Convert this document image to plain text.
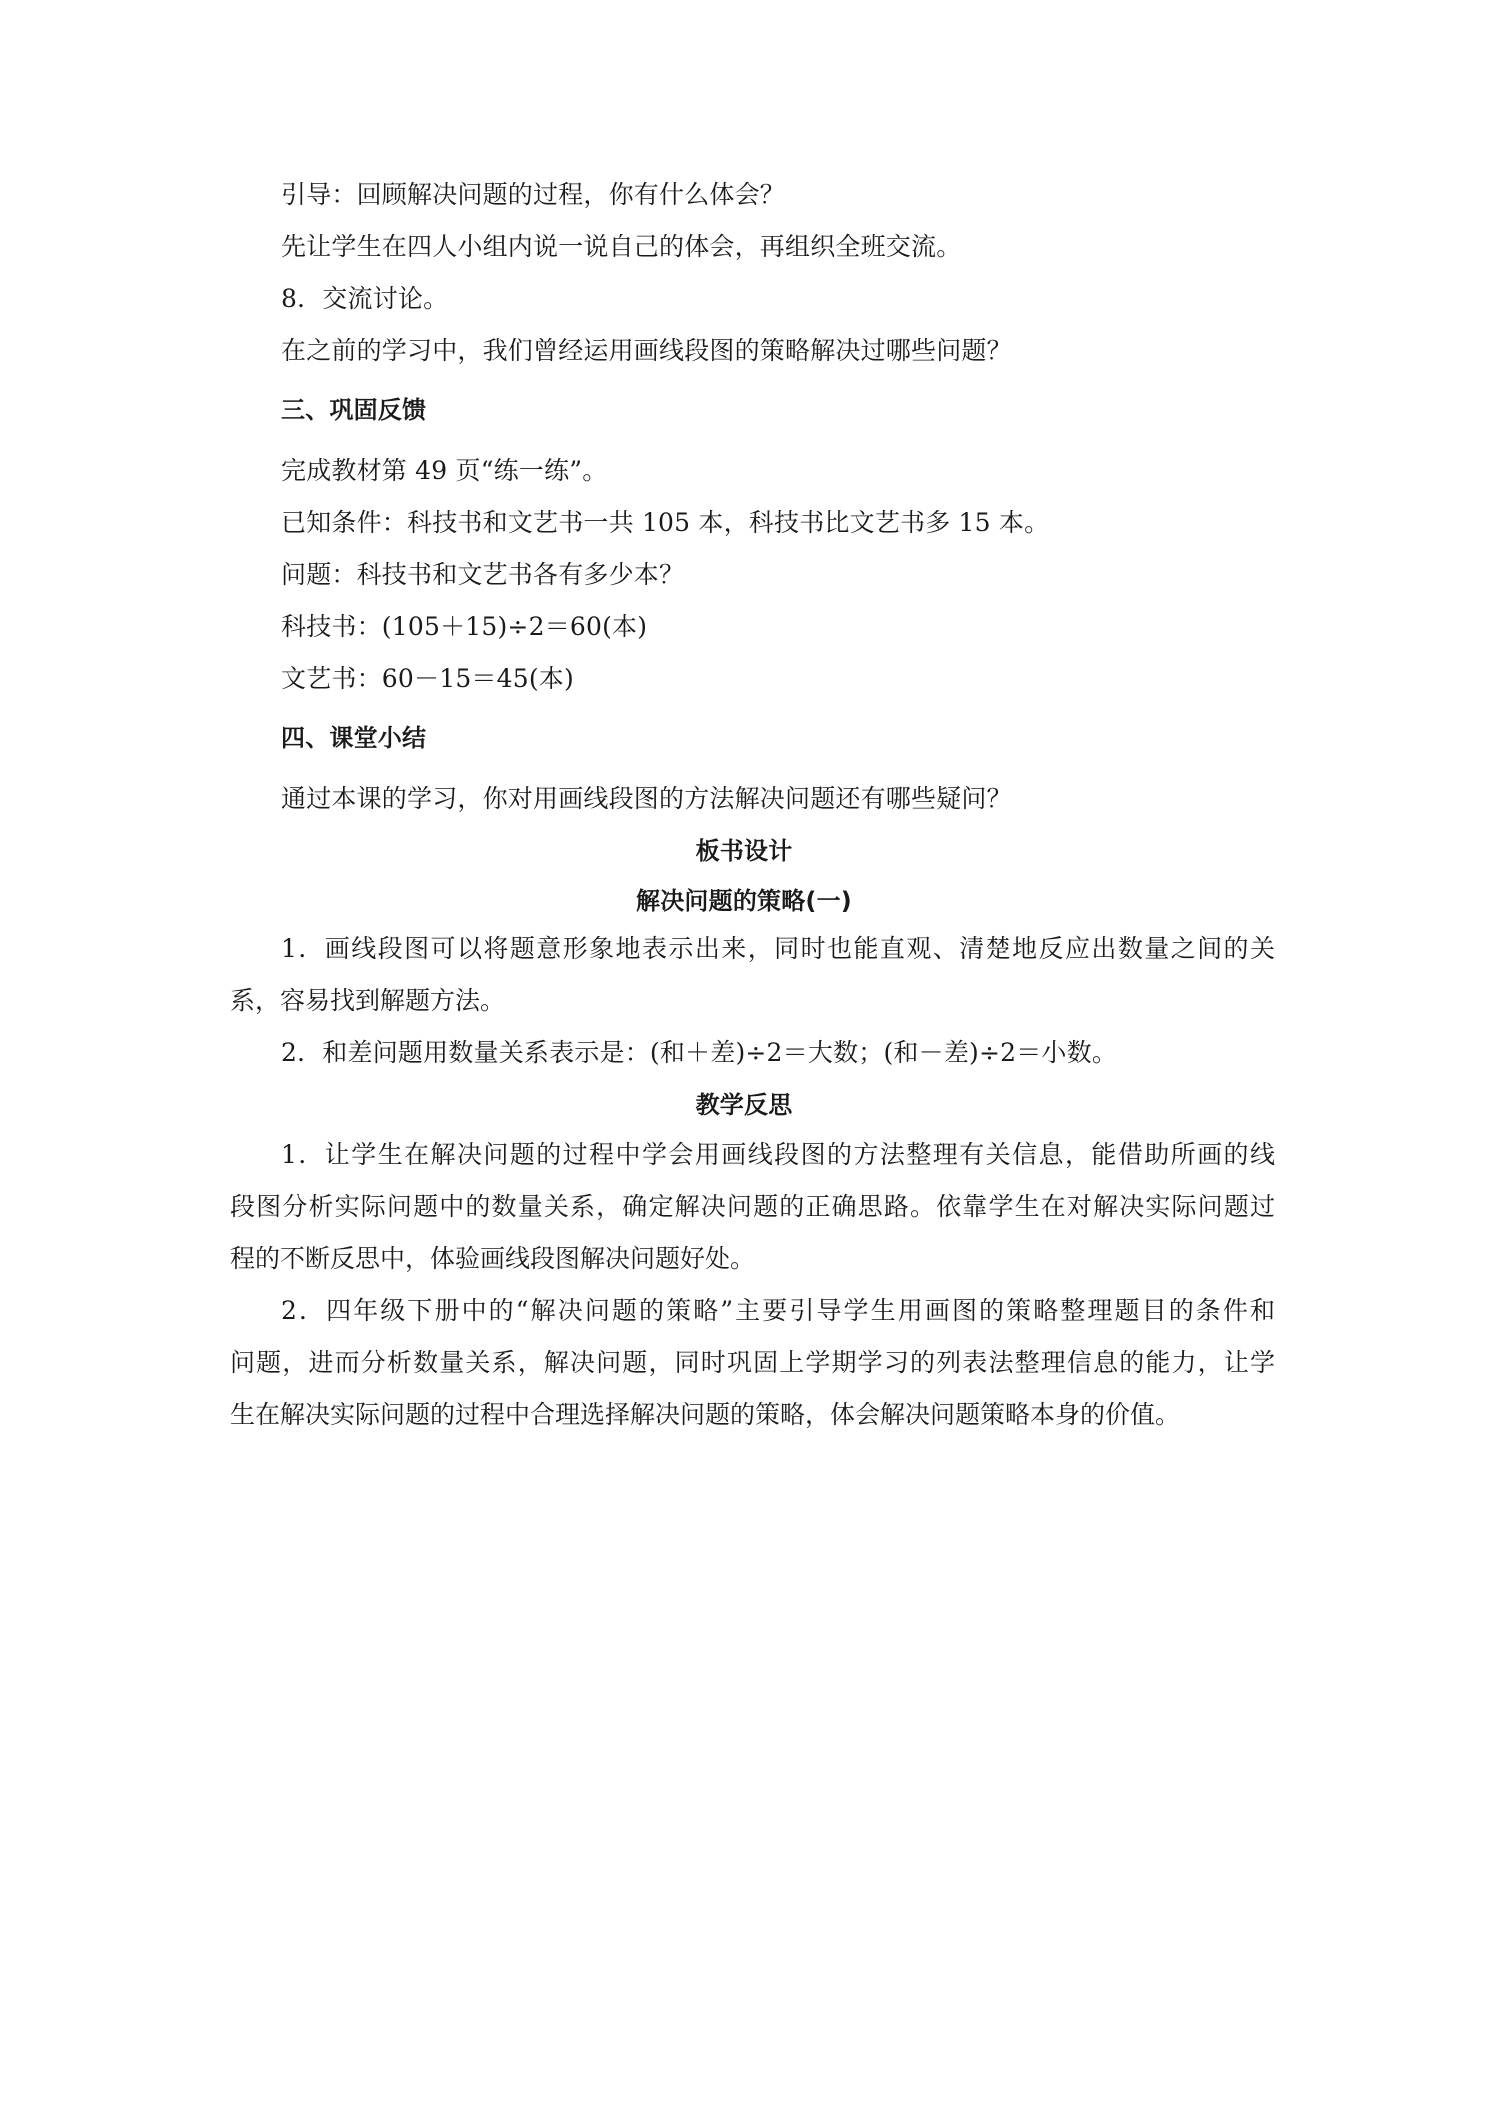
引导：回顾解决问题的过程，你有什么体会？
先让学生在四人小组内说一说自己的体会，再组织全班交流。
8．交流讨论。
在之前的学习中，我们曾经运用画线段图的策略解决过哪些问题？
三、巩固反馈
完成教材第 49 页“练一练”。
已知条件：科技书和文艺书一共 105 本，科技书比文艺书多 15 本。
问题：科技书和文艺书各有多少本？
科技书：(105＋15)÷2＝60(本)
文艺书：60－15＝45(本)
四、课堂小结
通过本课的学习，你对用画线段图的方法解决问题还有哪些疑问？
板书设计
解决问题的策略(一)
1．画线段图可以将题意形象地表示出来，同时也能直观、清楚地反应出数量之间的关
系，容易找到解题方法。
2．和差问题用数量关系表示是：(和＋差)÷2＝大数；(和－差)÷2＝小数。
教学反思
1．让学生在解决问题的过程中学会用画线段图的方法整理有关信息，能借助所画的线
段图分析实际问题中的数量关系，确定解决问题的正确思路。依靠学生在对解决实际问题过
程的不断反思中，体验画线段图解决问题好处。
2．四年级下册中的“解决问题的策略”主要引导学生用画图的策略整理题目的条件和
问题，进而分析数量关系，解决问题，同时巩固上学期学习的列表法整理信息的能力，让学
生在解决实际问题的过程中合理选择解决问题的策略，体会解决问题策略本身的价值。
